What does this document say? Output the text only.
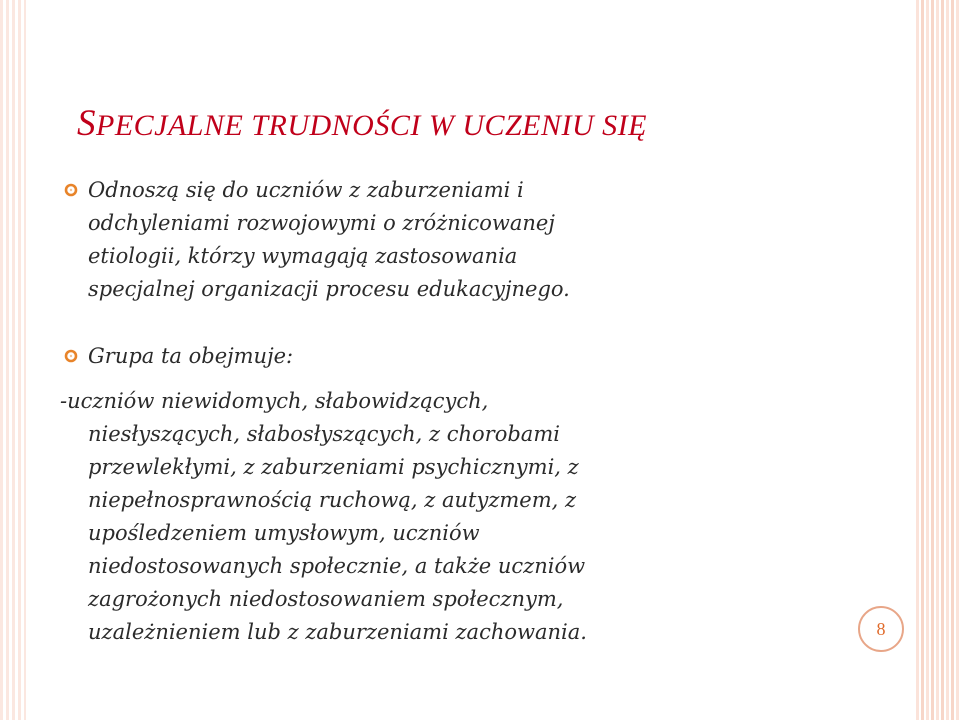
SPECJALNE TRUDNOŚCI W UCZENIU SIĘ
Odnoszą się do uczniów z zaburzeniami i
odchyleniami rozwojowymi o zróżnicowanej
etiologii, którzy wymagają zastosowania
specjalnej organizacji procesu edukacyjnego.
Grupa ta obejmuje:
-uczniów niewidomych, słabowidzących,
niesłyszących, słabosłyszących, z chorobami
przewlekłymi, z zaburzeniami psychicznymi, z
niepełnosprawnością ruchową, z autyzmem, z
upośledzeniem umysłowym, uczniów
niedostosowanych społecznie, a także uczniów
zagrożonych niedostosowaniem społecznym,
uzależnieniem lub z zaburzeniami zachowania.	8
